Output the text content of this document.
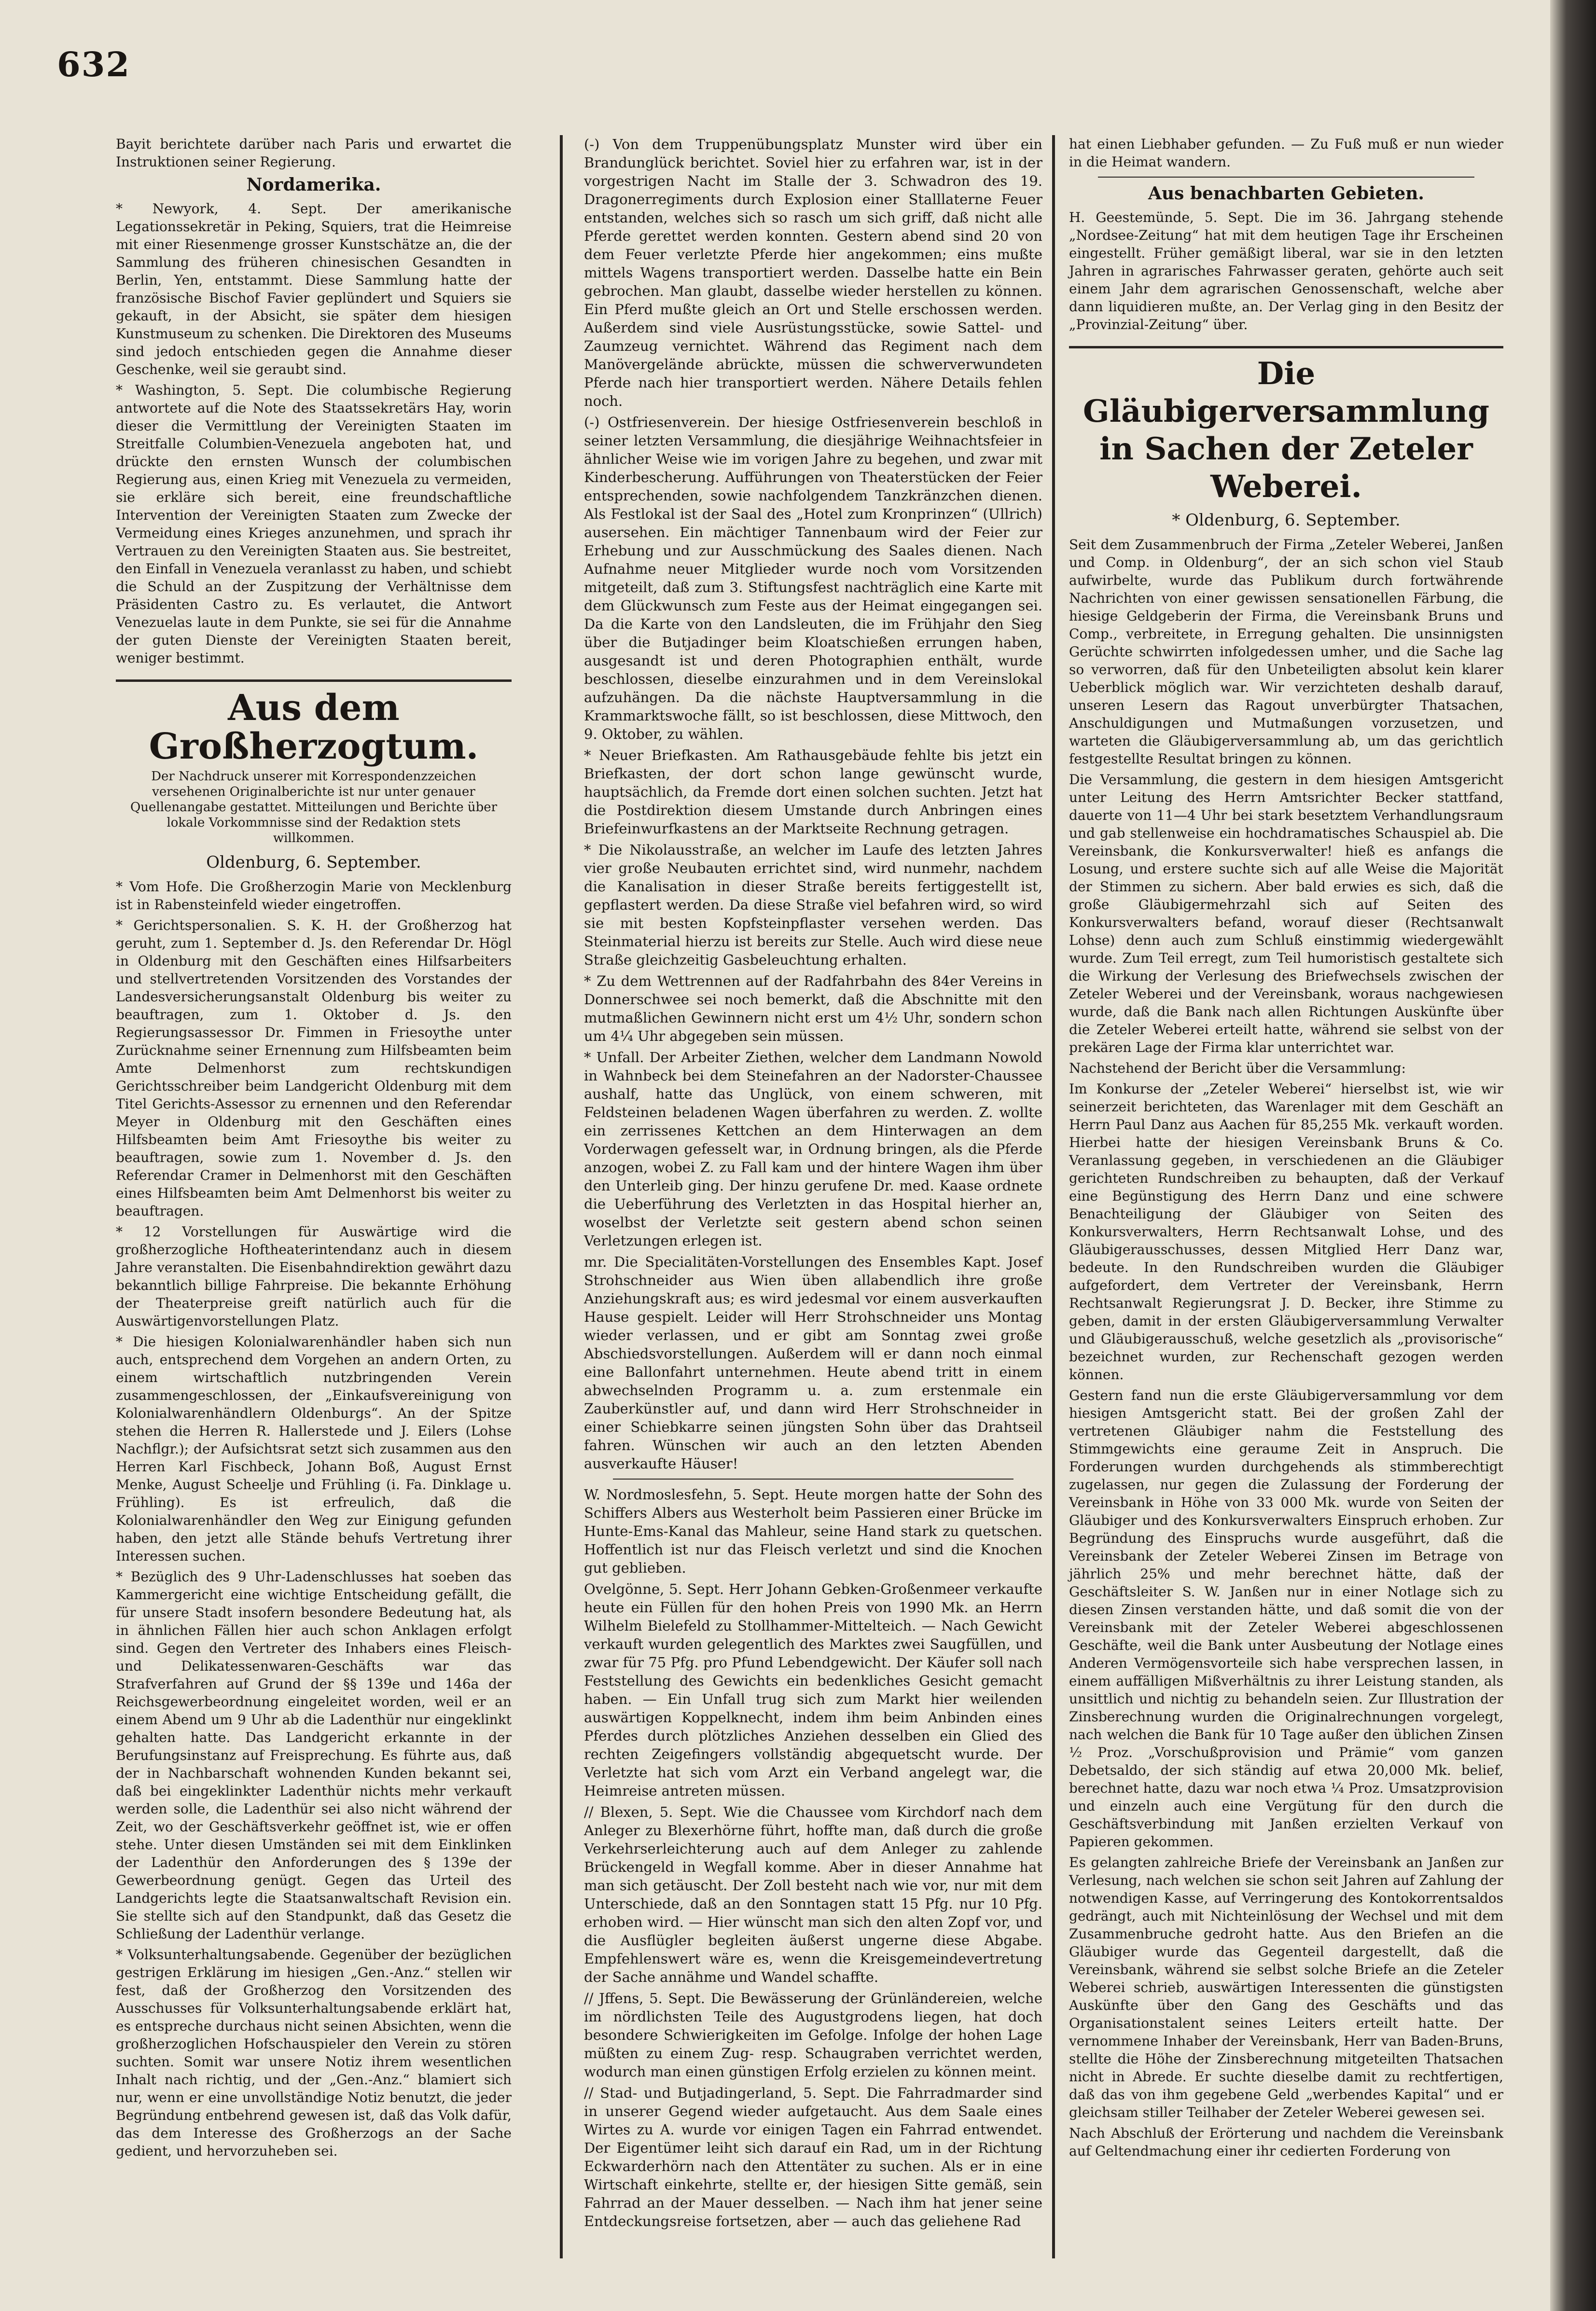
632

Bayit berichtete darüber nach Paris und erwartet die Instruktionen seiner Regierung.

Nordamerika.

* Newyork, 4. Sept. Der amerikanische Legationssekretär in Peking, Squiers, trat die Heimreise mit einer Riesenmenge grosser Kunstschätze an, die der Sammlung des früheren chinesischen Gesandten in Berlin, Yen, entstammt. Diese Sammlung hatte der französische Bischof Favier geplündert und Squiers sie gekauft, in der Absicht, sie später dem hiesigen Kunstmuseum zu schenken. Die Direktoren des Museums sind jedoch entschieden gegen die Annahme dieser Geschenke, weil sie geraubt sind.

* Washington, 5. Sept. Die columbische Regierung antwortete auf die Note des Staatssekretärs Hay, worin dieser die Vermittlung der Vereinigten Staaten im Streitfalle Columbien-Venezuela angeboten hat, und drückte den ernsten Wunsch der columbischen Regierung aus, einen Krieg mit Venezuela zu vermeiden, sie erkläre sich bereit, eine freundschaftliche Intervention der Vereinigten Staaten zum Zwecke der Vermeidung eines Krieges anzunehmen, und sprach ihr Vertrauen zu den Vereinigten Staaten aus. Sie bestreitet, den Einfall in Venezuela veranlasst zu haben, und schiebt die Schuld an der Zuspitzung der Verhältnisse dem Präsidenten Castro zu. Es verlautet, die Antwort Venezuelas laute in dem Punkte, sie sei für die Annahme der guten Dienste der Vereinigten Staaten bereit, weniger bestimmt.

Aus dem Großherzogtum.
Der Nachdruck unserer mit Korrespondenzzeichen versehenen Originalberichte ist nur unter genauer Quellenangabe gestattet. Mitteilungen und Berichte über lokale Vorkommnisse sind der Redaktion stets willkommen.
Oldenburg, 6. September.

* Vom Hofe. Die Großherzogin Marie von Mecklenburg ist in Rabensteinfeld wieder eingetroffen.

* Gerichtspersonalien. S. K. H. der Großherzog hat geruht, zum 1. September d. Js. den Referendar Dr. Högl in Oldenburg mit den Geschäften eines Hilfsarbeiters und stellvertretenden Vorsitzenden des Vorstandes der Landesversicherungsanstalt Oldenburg bis weiter zu beauftragen, zum 1. Oktober d. Js. den Regierungsassessor Dr. Fimmen in Friesoythe unter Zurücknahme seiner Ernennung zum Hilfsbeamten beim Amte Delmenhorst zum rechtskundigen Gerichtsschreiber beim Landgericht Oldenburg mit dem Titel Gerichts-Assessor zu ernennen und den Referendar Meyer in Oldenburg mit den Geschäften eines Hilfsbeamten beim Amt Friesoythe bis weiter zu beauftragen, sowie zum 1. November d. Js. den Referendar Cramer in Delmenhorst mit den Geschäften eines Hilfsbeamten beim Amt Delmenhorst bis weiter zu beauftragen.

* 12 Vorstellungen für Auswärtige wird die großherzogliche Hoftheaterintendanz auch in diesem Jahre veranstalten. Die Eisenbahndirektion gewährt dazu bekanntlich billige Fahrpreise. Die bekannte Erhöhung der Theaterpreise greift natürlich auch für die Auswärtigenvorstellungen Platz.

* Die hiesigen Kolonialwarenhändler haben sich nun auch, entsprechend dem Vorgehen an andern Orten, zu einem wirtschaftlich nutzbringenden Verein zusammengeschlossen, der „Einkaufsvereinigung von Kolonialwarenhändlern Oldenburgs“. An der Spitze stehen die Herren R. Hallerstede und J. Eilers (Lohse Nachflgr.); der Aufsichtsrat setzt sich zusammen aus den Herren Karl Fischbeck, Johann Boß, August Ernst Menke, August Scheelje und Frühling (i. Fa. Dinklage u. Frühling). Es ist erfreulich, daß die Kolonialwarenhändler den Weg zur Einigung gefunden haben, den jetzt alle Stände behufs Vertretung ihrer Interessen suchen.

* Bezüglich des 9 Uhr-Ladenschlusses hat soeben das Kammergericht eine wichtige Entscheidung gefällt, die für unsere Stadt insofern besondere Bedeutung hat, als in ähnlichen Fällen hier auch schon Anklagen erfolgt sind. Gegen den Vertreter des Inhabers eines Fleisch- und Delikatessenwaren-Geschäfts war das Strafverfahren auf Grund der §§ 139e und 146a der Reichsgewerbeordnung eingeleitet worden, weil er an einem Abend um 9 Uhr ab die Ladenthür nur eingeklinkt gehalten hatte. Das Landgericht erkannte in der Berufungsinstanz auf Freisprechung. Es führte aus, daß der in Nachbarschaft wohnenden Kunden bekannt sei, daß bei eingeklinkter Ladenthür nichts mehr verkauft werden solle, die Ladenthür sei also nicht während der Zeit, wo der Geschäftsverkehr geöffnet ist, wie er offen stehe. Unter diesen Umständen sei mit dem Einklinken der Ladenthür den Anforderungen des § 139e der Gewerbeordnung genügt. Gegen das Urteil des Landgerichts legte die Staatsanwaltschaft Revision ein. Sie stellte sich auf den Standpunkt, daß das Gesetz die Schließung der Ladenthür verlange.

* Volksunterhaltungsabende. Gegenüber der bezüglichen gestrigen Erklärung im hiesigen „Gen.-Anz.“ stellen wir fest, daß der Großherzog den Vorsitzenden des Ausschusses für Volksunterhaltungsabende erklärt hat, es entspreche durchaus nicht seinen Absichten, wenn die großherzoglichen Hofschauspieler den Verein zu stören suchten. Somit war unsere Notiz ihrem wesentlichen Inhalt nach richtig, und der „Gen.-Anz.“ blamiert sich nur, wenn er eine unvollständige Notiz benutzt, die jeder Begründung entbehrend gewesen ist, daß das Volk dafür, das dem Interesse des Großherzogs an der Sache gedient, und hervorzuheben sei.

(-) Von dem Truppenübungsplatz Munster wird über ein Brandunglück berichtet. Soviel hier zu erfahren war, ist in der vorgestrigen Nacht im Stalle der 3. Schwadron des 19. Dragonerregiments durch Explosion einer Stalllaterne Feuer entstanden, welches sich so rasch um sich griff, daß nicht alle Pferde gerettet werden konnten. Gestern abend sind 20 von dem Feuer verletzte Pferde hier angekommen; eins mußte mittels Wagens transportiert werden. Dasselbe hatte ein Bein gebrochen. Man glaubt, dasselbe wieder herstellen zu können. Ein Pferd mußte gleich an Ort und Stelle erschossen werden. Außerdem sind viele Ausrüstungsstücke, sowie Sattel- und Zaumzeug vernichtet. Während das Regiment nach dem Manövergelände abrückte, müssen die schwerverwundeten Pferde nach hier transportiert werden. Nähere Details fehlen noch.

(-) Ostfriesenverein. Der hiesige Ostfriesenverein beschloß in seiner letzten Versammlung, die diesjährige Weihnachtsfeier in ähnlicher Weise wie im vorigen Jahre zu begehen, und zwar mit Kinderbescherung. Aufführungen von Theaterstücken der Feier entsprechenden, sowie nachfolgendem Tanzkränzchen dienen. Als Festlokal ist der Saal des „Hotel zum Kronprinzen“ (Ullrich) ausersehen. Ein mächtiger Tannenbaum wird der Feier zur Erhebung und zur Ausschmückung des Saales dienen. Nach Aufnahme neuer Mitglieder wurde noch vom Vorsitzenden mitgeteilt, daß zum 3. Stiftungsfest nachträglich eine Karte mit dem Glückwunsch zum Feste aus der Heimat eingegangen sei. Da die Karte von den Landsleuten, die im Frühjahr den Sieg über die Butjadinger beim Kloatschießen errungen haben, ausgesandt ist und deren Photographien enthält, wurde beschlossen, dieselbe einzurahmen und in dem Vereinslokal aufzuhängen. Da die nächste Hauptversammlung in die Krammarktswoche fällt, so ist beschlossen, diese Mittwoch, den 9. Oktober, zu wählen.

* Neuer Briefkasten. Am Rathausgebäude fehlte bis jetzt ein Briefkasten, der dort schon lange gewünscht wurde, hauptsächlich, da Fremde dort einen solchen suchten. Jetzt hat die Postdirektion diesem Umstande durch Anbringen eines Briefeinwurfkastens an der Marktseite Rechnung getragen.

* Die Nikolausstraße, an welcher im Laufe des letzten Jahres vier große Neubauten errichtet sind, wird nunmehr, nachdem die Kanalisation in dieser Straße bereits fertiggestellt ist, gepflastert werden. Da diese Straße viel befahren wird, so wird sie mit besten Kopfsteinpflaster versehen werden. Das Steinmaterial hierzu ist bereits zur Stelle. Auch wird diese neue Straße gleichzeitig Gasbeleuchtung erhalten.

* Zu dem Wettrennen auf der Radfahrbahn des 84er Vereins in Donnerschwee sei noch bemerkt, daß die Abschnitte mit den mutmaßlichen Gewinnern nicht erst um 4½ Uhr, sondern schon um 4¼ Uhr abgegeben sein müssen.

* Unfall. Der Arbeiter Ziethen, welcher dem Landmann Nowold in Wahnbeck bei dem Steinefahren an der Nadorster-Chaussee aushalf, hatte das Unglück, von einem schweren, mit Feldsteinen beladenen Wagen überfahren zu werden. Z. wollte ein zerrissenes Kettchen an dem Hinterwagen an dem Vorderwagen gefesselt war, in Ordnung bringen, als die Pferde anzogen, wobei Z. zu Fall kam und der hintere Wagen ihm über den Unterleib ging. Der hinzu gerufene Dr. med. Kaase ordnete die Ueberführung des Verletzten in das Hospital hierher an, woselbst der Verletzte seit gestern abend schon seinen Verletzungen erlegen ist.

mr. Die Specialitäten-Vorstellungen des Ensembles Kapt. Josef Strohschneider aus Wien üben allabendlich ihre große Anziehungskraft aus; es wird jedesmal vor einem ausverkauften Hause gespielt. Leider will Herr Strohschneider uns Montag wieder verlassen, und er gibt am Sonntag zwei große Abschiedsvorstellungen. Außerdem will er dann noch einmal eine Ballonfahrt unternehmen. Heute abend tritt in einem abwechselnden Programm u. a. zum erstenmale ein Zauberkünstler auf, und dann wird Herr Strohschneider in einer Schiebkarre seinen jüngsten Sohn über das Drahtseil fahren. Wünschen wir auch an den letzten Abenden ausverkaufte Häuser!

W. Nordmoslesfehn, 5. Sept. Heute morgen hatte der Sohn des Schiffers Albers aus Westerholt beim Passieren einer Brücke im Hunte-Ems-Kanal das Mahleur, seine Hand stark zu quetschen. Hoffentlich ist nur das Fleisch verletzt und sind die Knochen gut geblieben.

Ovelgönne, 5. Sept. Herr Johann Gebken-Großenmeer verkaufte heute ein Füllen für den hohen Preis von 1990 Mk. an Herrn Wilhelm Bielefeld zu Stollhammer-Mittelteich. — Nach Gewicht verkauft wurden gelegentlich des Marktes zwei Saugfüllen, und zwar für 75 Pfg. pro Pfund Lebendgewicht. Der Käufer soll nach Feststellung des Gewichts ein bedenkliches Gesicht gemacht haben. — Ein Unfall trug sich zum Markt hier weilenden auswärtigen Koppelknecht, indem ihm beim Anbinden eines Pferdes durch plötzliches Anziehen desselben ein Glied des rechten Zeigefingers vollständig abgequetscht wurde. Der Verletzte hat sich vom Arzt ein Verband angelegt war, die Heimreise antreten müssen.

// Blexen, 5. Sept. Wie die Chaussee vom Kirchdorf nach dem Anleger zu Blexerhörne führt, hoffte man, daß durch die große Verkehrserleichterung auch auf dem Anleger zu zahlende Brückengeld in Wegfall komme. Aber in dieser Annahme hat man sich getäuscht. Der Zoll besteht nach wie vor, nur mit dem Unterschiede, daß an den Sonntagen statt 15 Pfg. nur 10 Pfg. erhoben wird. — Hier wünscht man sich den alten Zopf vor, und die Ausflügler begleiten äußerst ungerne diese Abgabe. Empfehlenswert wäre es, wenn die Kreisgemeindevertretung der Sache annähme und Wandel schaffte.

// Jffens, 5. Sept. Die Bewässerung der Grünländereien, welche im nördlichsten Teile des Augustgrodens liegen, hat doch besondere Schwierigkeiten im Gefolge. Infolge der hohen Lage müßten zu einem Zug- resp. Schaugraben verrichtet werden, wodurch man einen günstigen Erfolg erzielen zu können meint.

// Stad- und Butjadingerland, 5. Sept. Die Fahrradmarder sind in unserer Gegend wieder aufgetaucht. Aus dem Saale eines Wirtes zu A. wurde vor einigen Tagen ein Fahrrad entwendet. Der Eigentümer leiht sich darauf ein Rad, um in der Richtung Eckwarderhörn nach den Attentäter zu suchen. Als er in eine Wirtschaft einkehrte, stellte er, der hiesigen Sitte gemäß, sein Fahrrad an der Mauer desselben. — Nach ihm hat jener seine Entdeckungsreise fortsetzen, aber — auch das geliehene Rad

hat einen Liebhaber gefunden. — Zu Fuß muß er nun wieder in die Heimat wandern.

Aus benachbarten Gebieten.

H. Geestemünde, 5. Sept. Die im 36. Jahrgang stehende „Nordsee-Zeitung“ hat mit dem heutigen Tage ihr Erscheinen eingestellt. Früher gemäßigt liberal, war sie in den letzten Jahren in agrarisches Fahrwasser geraten, gehörte auch seit einem Jahr dem agrarischen Genossenschaft, welche aber dann liquidieren mußte, an. Der Verlag ging in den Besitz der „Provinzial-Zeitung“ über.

Die Gläubigerversammlung in Sachen der Zeteler Weberei.
* Oldenburg, 6. September.

Seit dem Zusammenbruch der Firma „Zeteler Weberei, Janßen und Comp. in Oldenburg“, der an sich schon viel Staub aufwirbelte, wurde das Publikum durch fortwährende Nachrichten von einer gewissen sensationellen Färbung, die hiesige Geldgeberin der Firma, die Vereinsbank Bruns und Comp., verbreitete, in Erregung gehalten. Die unsinnigsten Gerüchte schwirrten infolgedessen umher, und die Sache lag so verworren, daß für den Unbeteiligten absolut kein klarer Ueberblick möglich war. Wir verzichteten deshalb darauf, unseren Lesern das Ragout unverbürgter Thatsachen, Anschuldigungen und Mutmaßungen vorzusetzen, und warteten die Gläubigerversammlung ab, um das gerichtlich festgestellte Resultat bringen zu können.

Die Versammlung, die gestern in dem hiesigen Amtsgericht unter Leitung des Herrn Amtsrichter Becker stattfand, dauerte von 11—4 Uhr bei stark besetztem Verhandlungsraum und gab stellenweise ein hochdramatisches Schauspiel ab. Die Vereinsbank, die Konkursverwalter! hieß es anfangs die Losung, und erstere suchte sich auf alle Weise die Majorität der Stimmen zu sichern. Aber bald erwies es sich, daß die große Gläubigermehrzahl sich auf Seiten des Konkursverwalters befand, worauf dieser (Rechtsanwalt Lohse) denn auch zum Schluß einstimmig wiedergewählt wurde. Zum Teil erregt, zum Teil humoristisch gestaltete sich die Wirkung der Verlesung des Briefwechsels zwischen der Zeteler Weberei und der Vereinsbank, woraus nachgewiesen wurde, daß die Bank nach allen Richtungen Auskünfte über die Zeteler Weberei erteilt hatte, während sie selbst von der prekären Lage der Firma klar unterrichtet war.

Nachstehend der Bericht über die Versammlung:

Im Konkurse der „Zeteler Weberei“ hierselbst ist, wie wir seinerzeit berichteten, das Warenlager mit dem Geschäft an Herrn Paul Danz aus Aachen für 85,255 Mk. verkauft worden. Hierbei hatte der hiesigen Vereinsbank Bruns & Co. Veranlassung gegeben, in verschiedenen an die Gläubiger gerichteten Rundschreiben zu behaupten, daß der Verkauf eine Begünstigung des Herrn Danz und eine schwere Benachteiligung der Gläubiger von Seiten des Konkursverwalters, Herrn Rechtsanwalt Lohse, und des Gläubigerausschusses, dessen Mitglied Herr Danz war, bedeute. In den Rundschreiben wurden die Gläubiger aufgefordert, dem Vertreter der Vereinsbank, Herrn Rechtsanwalt Regierungsrat J. D. Becker, ihre Stimme zu geben, damit in der ersten Gläubigerversammlung Verwalter und Gläubigerausschuß, welche gesetzlich als „provisorische“ bezeichnet wurden, zur Rechenschaft gezogen werden können.

Gestern fand nun die erste Gläubigerversammlung vor dem hiesigen Amtsgericht statt. Bei der großen Zahl der vertretenen Gläubiger nahm die Feststellung des Stimmgewichts eine geraume Zeit in Anspruch. Die Forderungen wurden durchgehends als stimmberechtigt zugelassen, nur gegen die Zulassung der Forderung der Vereinsbank in Höhe von 33 000 Mk. wurde von Seiten der Gläubiger und des Konkursverwalters Einspruch erhoben. Zur Begründung des Einspruchs wurde ausgeführt, daß die Vereinsbank der Zeteler Weberei Zinsen im Betrage von jährlich 25% und mehr berechnet hätte, daß der Geschäftsleiter S. W. Janßen nur in einer Notlage sich zu diesen Zinsen verstanden hätte, und daß somit die von der Vereinsbank mit der Zeteler Weberei abgeschlossenen Geschäfte, weil die Bank unter Ausbeutung der Notlage eines Anderen Vermögensvorteile sich habe versprechen lassen, in einem auffälligen Mißverhältnis zu ihrer Leistung standen, als unsittlich und nichtig zu behandeln seien. Zur Illustration der Zinsberechnung wurden die Originalrechnungen vorgelegt, nach welchen die Bank für 10 Tage außer den üblichen Zinsen ½ Proz. „Vorschußprovision und Prämie“ vom ganzen Debetsaldo, der sich ständig auf etwa 20,000 Mk. belief, berechnet hatte, dazu war noch etwa ¼ Proz. Umsatzprovision und einzeln auch eine Vergütung für den durch die Geschäftsverbindung mit Janßen erzielten Verkauf von Papieren gekommen.

Es gelangten zahlreiche Briefe der Vereinsbank an Janßen zur Verlesung, nach welchen sie schon seit Jahren auf Zahlung der notwendigen Kasse, auf Verringerung des Kontokorrentsaldos gedrängt, auch mit Nichteinlösung der Wechsel und mit dem Zusammenbruche gedroht hatte. Aus den Briefen an die Gläubiger wurde das Gegenteil dargestellt, daß die Vereinsbank, während sie selbst solche Briefe an die Zeteler Weberei schrieb, auswärtigen Interessenten die günstigsten Auskünfte über den Gang des Geschäfts und das Organisationstalent seines Leiters erteilt hatte. Der vernommene Inhaber der Vereinsbank, Herr van Baden-Bruns, stellte die Höhe der Zinsberechnung mitgeteilten Thatsachen nicht in Abrede. Er suchte dieselbe damit zu rechtfertigen, daß das von ihm gegebene Geld „werbendes Kapital“ und er gleichsam stiller Teilhaber der Zeteler Weberei gewesen sei.

Nach Abschluß der Erörterung und nachdem die Vereinsbank auf Geltendmachung einer ihr cedierten Forderung von
